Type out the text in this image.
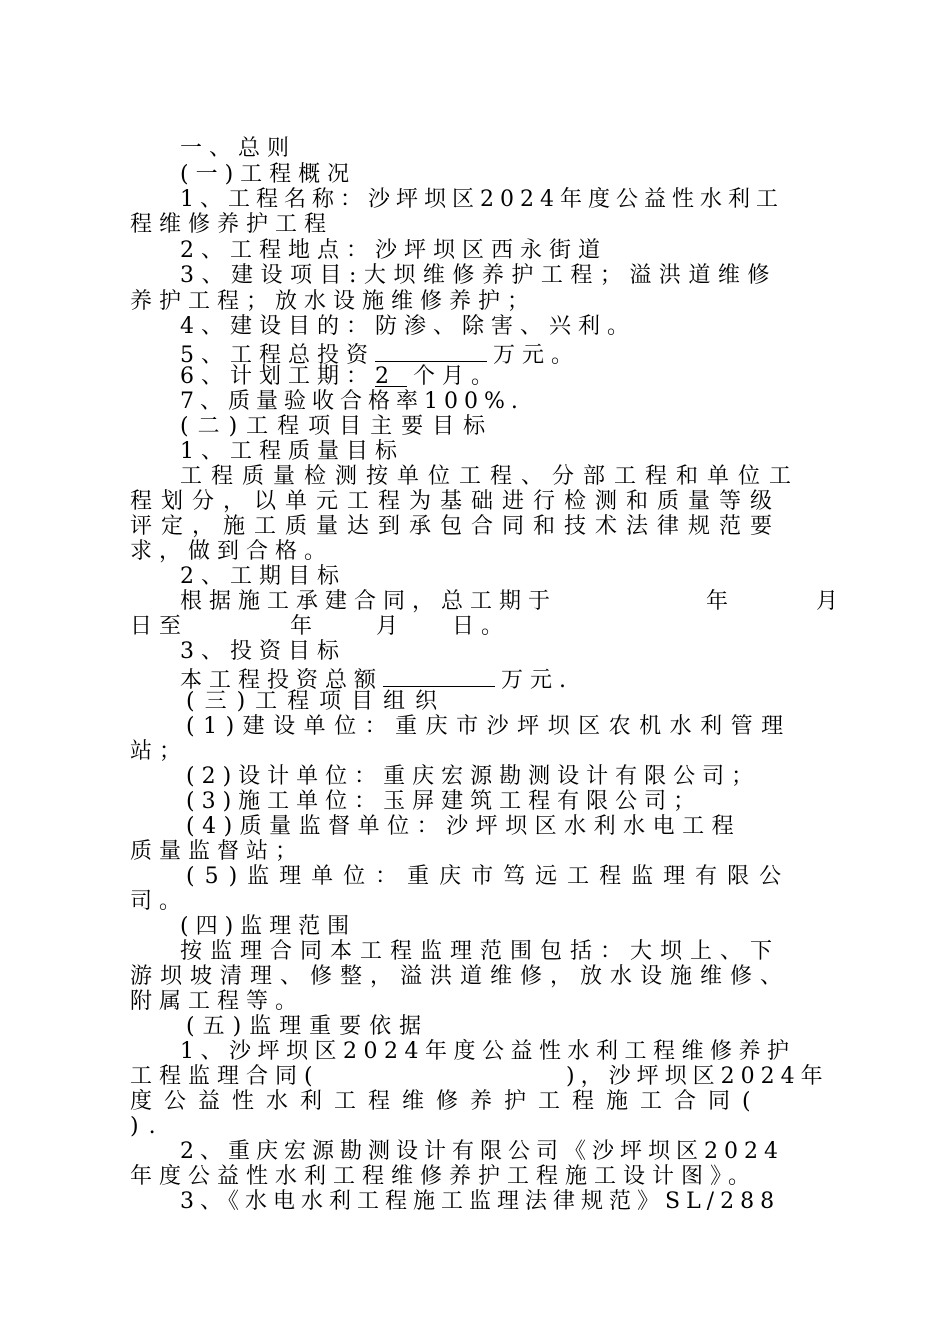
一、总则
(一)工程概况
1、工程名称：沙坪坝区2024年度公益性水利工
程维修养护工程
2、工程地点：沙坪坝区西永街道
3、建设项目:大坝维修养护工程；溢洪道维修
养护工程；放水设施维修养护；
4、建设目的：防渗、除害、兴利。
5、工程总投资	万元。
6、计划工期：2 个月。
7、质量验收合格率100%.
(二)工程项目主要目标
1、工程质量目标
工程质量检测按单位工程、分部工程和单位工
程划分，以单元工程为基础进行检测和质量等级
评定，施工质量达到承包合同和技术法律规范要
求，做到合格。
2、工期目标
根据施工承建合同，总工期于	年	月
日至	年	月 日。
3、投资目标
本工程投资总额	万元.
(三)工程项目组织
(1)建设单位：重庆市沙坪坝区农机水利管理
站；
(2)设计单位：重庆宏源勘测设计有限公司；
(3)施工单位：玉屏建筑工程有限公司；
(4)质量监督单位：沙坪坝区水利水电工程
质量监督站；
(5)监理单位：重庆市笃远工程监理有限公
司。
(四)监理范围
按监理合同本工程监理范围包括：大坝上、下
游坝坡清理、修整，溢洪道维修，放水设施维修、
附属工程等。
(五)监理重要依据
1、沙坪坝区2024年度公益性水利工程维修养护
工程监理合同(	)，沙坪坝区2024年
度公益性水利工程维修养护工程施工合同(
).
2、重庆宏源勘测设计有限公司《沙坪坝区2024
年度公益性水利工程维修养护工程施工设计图》。
3、《水电水利工程施工监理法律规范》SL/288
